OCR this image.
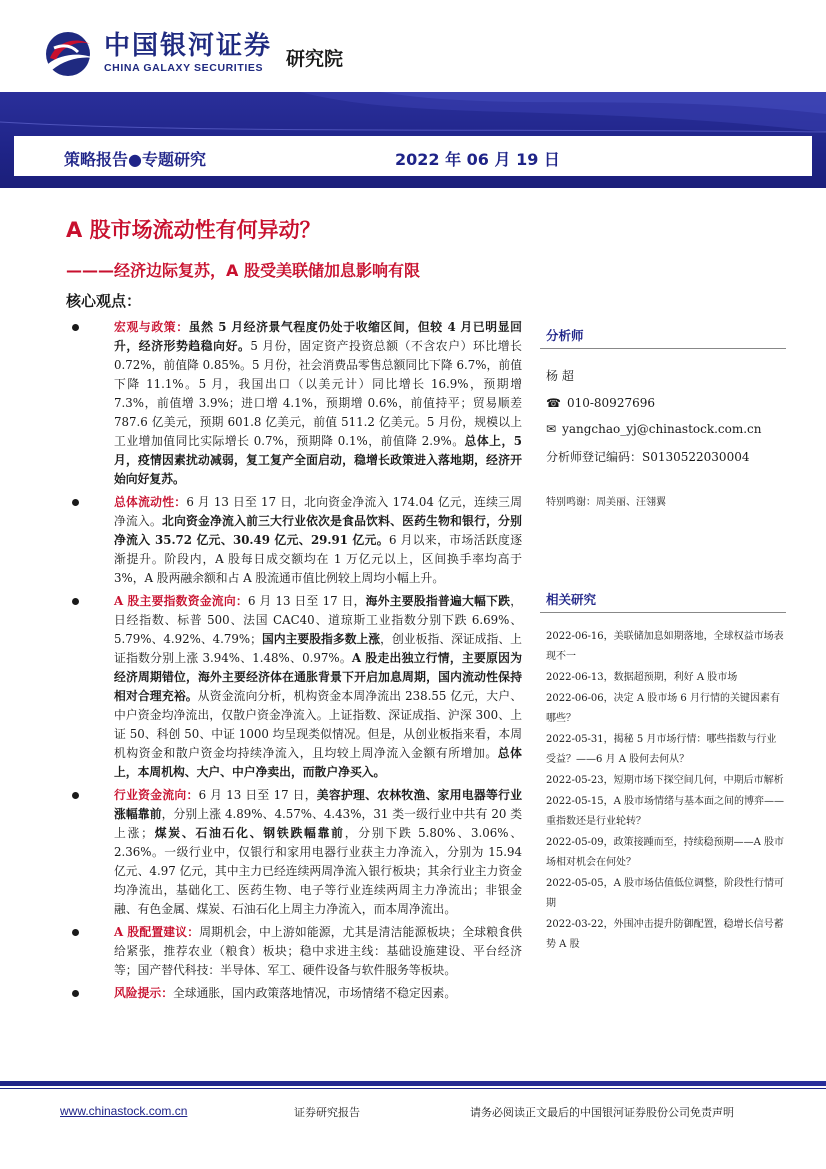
中国银河证券
CHINA GALAXY SECURITIES	研究院
策略报告●专题研究	2022 年 06 月 19 日
A 股市场流动性有何异动？
———经济边际复苏，A 股受美联储加息影响有限
核心观点：
宏观与政策：虽然 5 月经济景气程度仍处于收缩区间，但较 4 月已明显回升，经济形势趋稳向好。5 月份，固定资产投资总额（不含农户）环比增长 0.72%，前值降 0.85%。5 月份，社会消费品零售总额同比下降 6.7%，前值下降 11.1%。5 月，我国出口（以美元计）同比增长 16.9%，预期增 7.3%，前值增 3.9%；进口增 4.1%，预期增 0.6%，前值持平；贸易顺差 787.6 亿美元，预期 601.8 亿美元，前值 511.2 亿美元。5 月份，规模以上工业增加值同比实际增长 0.7%，预期降 0.1%，前值降 2.9%。总体上，5 月，疫情因素扰动减弱，复工复产全面启动，稳增长政策进入落地期，经济开始向好复苏。
总体流动性：6 月 13 日至 17 日，北向资金净流入 174.04 亿元，连续三周净流入。北向资金净流入前三大行业依次是食品饮料、医药生物和银行，分别净流入 35.72 亿元、30.49 亿元、29.91 亿元。6 月以来，市场活跃度逐渐提升。阶段内，A 股每日成交额均在 1 万亿元以上，区间换手率均高于 3%，A 股两融余额和占 A 股流通市值比例较上周均小幅上升。
A 股主要指数资金流向：6 月 13 日至 17 日，海外主要股指普遍大幅下跌，日经指数、标普 500、法国 CAC40、道琼斯工业指数分别下跌 6.69%、5.79%、4.92%、4.79%；国内主要股指多数上涨，创业板指、深证成指、上证指数分别上涨 3.94%、1.48%、0.97%。A 股走出独立行情，主要原因为经济周期错位，海外主要经济体在通胀背景下开启加息周期，国内流动性保持相对合理充裕。从资金流向分析，机构资金本周净流出 238.55 亿元，大户、中户资金均净流出，仅散户资金净流入。上证指数、深证成指、沪深 300、上证 50、科创 50、中证 1000 均呈现类似情况。但是，从创业板指来看，本周机构资金和散户资金均持续净流入，且均较上周净流入金额有所增加。总体上，本周机构、大户、中户净卖出，而散户净买入。
行业资金流向：6 月 13 日至 17 日，美容护理、农林牧渔、家用电器等行业涨幅靠前，分别上涨 4.89%、4.57%、4.43%，31 类一级行业中共有 20 类上涨；煤炭、石油石化、钢铁跌幅靠前，分别下跌 5.80%、3.06%、2.36%。一级行业中，仅银行和家用电器行业获主力净流入，分别为 15.94 亿元、4.97 亿元，其中主力已经连续两周净流入银行板块；其余行业主力资金均净流出，基础化工、医药生物、电子等行业连续两周主力净流出；非银金融、有色金属、煤炭、石油石化上周主力净流入，而本周净流出。
A 股配置建议：周期机会，中上游如能源，尤其是清洁能源板块；全球粮食供给紧张，推荐农业（粮食）板块；稳中求进主线：基础设施建设、平台经济等；国产替代科技：半导体、军工、硬件设备与软件服务等板块。
风险提示：全球通胀，国内政策落地情况，市场情绪不稳定因素。
分析师
杨 超
☎ 010-80927696
✉ yangchao_yj@chinastock.com.cn
分析师登记编码：S0130522030004
特别鸣谢：周美丽、汪翎翼
相关研究
2022-06-16，美联储加息如期落地，全球权益市场表现不一
2022-06-13，数据超预期，利好 A 股市场
2022-06-06，决定 A 股市场 6 月行情的关键因素有哪些？
2022-05-31，揭秘 5 月市场行情：哪些指数与行业受益？——6 月 A 股何去何从？
2022-05-23，短期市场下探空间几何，中期后市解析
2022-05-15，A 股市场情绪与基本面之间的博弈——重指数还是行业轮转？
2022-05-09，政策接踵而至，持续稳预期——A 股市场相对机会在何处？
2022-05-05，A 股市场估值低位调整，阶段性行情可期
2022-03-22，外围冲击提升防御配置，稳增长信号蓄势 A 股
www.chinastock.com.cn	证券研究报告	请务必阅读正文最后的中国银河证券股份公司免责声明
